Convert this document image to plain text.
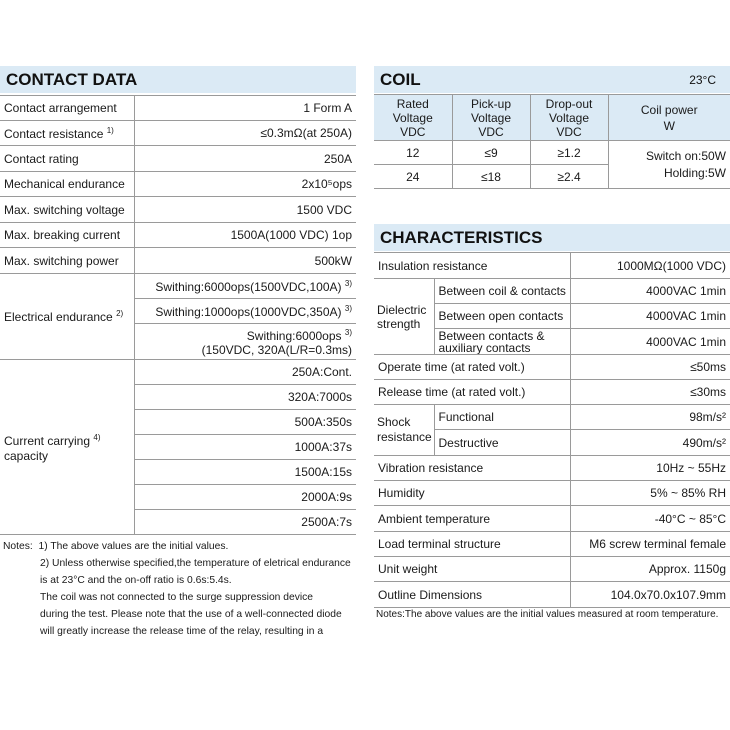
CONTACT DATA
Contact arrangement	1 Form A
Contact resistance $^{1)}$	≤0.3mΩ(at 250A)
Contact rating	250A
Mechanical endurance	2x10⁵ops
Max. switching voltage	1500 VDC
Max. breaking current	1500A(1000 VDC) 1op
Max. switching power	500kW
Electrical endurance $^{2)}$	Swithing:6000ops(1500VDC,100A) $^{3)}$
	Swithing:1000ops(1000VDC,350A) $^{3)}$
	Swithing:6000ops $^{3)}$
(150VDC, 320A(L/R=0.3ms)
Current carrying $^{4)}$
capacity	250A:Cont.
	320A:7000s
	500A:350s
	1000A:37s
	1500A:15s
	2000A:9s
	2500A:7s
Notes: 1) The above values are the initial values.
2) Unless otherwise specified,the temperature of eletrical endurance
is at 23°C and the on-off ratio is 0.6s:5.4s.
The coil was not connected to the surge suppression device
during the test. Please note that the use of a well-connected diode
will greatly increase the release time of the relay, resulting in a
COIL	23°C
Rated
Voltage
VDC	Pick-up
Voltage
VDC	Drop-out
Voltage
VDC	Coil power
W
12	≤9	≥1.2	Switch on:50W
Holding:5W
24	≤18	≥2.4	
CHARACTERISTICS
Insulation resistance		1000MΩ(1000 VDC)
Dielectric
strength	Between coil & contacts	4000VAC 1min
	Between open contacts	4000VAC 1min
	Between contacts &
auxiliary contacts	4000VAC 1min
Operate time (at rated volt.)		≤50ms
Release time (at rated volt.)		≤30ms
Shock
resistance	Functional	98m/s²
	Destructive	490m/s²
Vibration resistance		10Hz ~ 55Hz
Humidity		5% ~ 85% RH
Ambient temperature		-40°C ~ 85°C
Load terminal structure		M6 screw terminal female
Unit weight		Approx. 1150g
Outline Dimensions		104.0x70.0x107.9mm
Notes:The above values are the initial values measured at room temperature.
